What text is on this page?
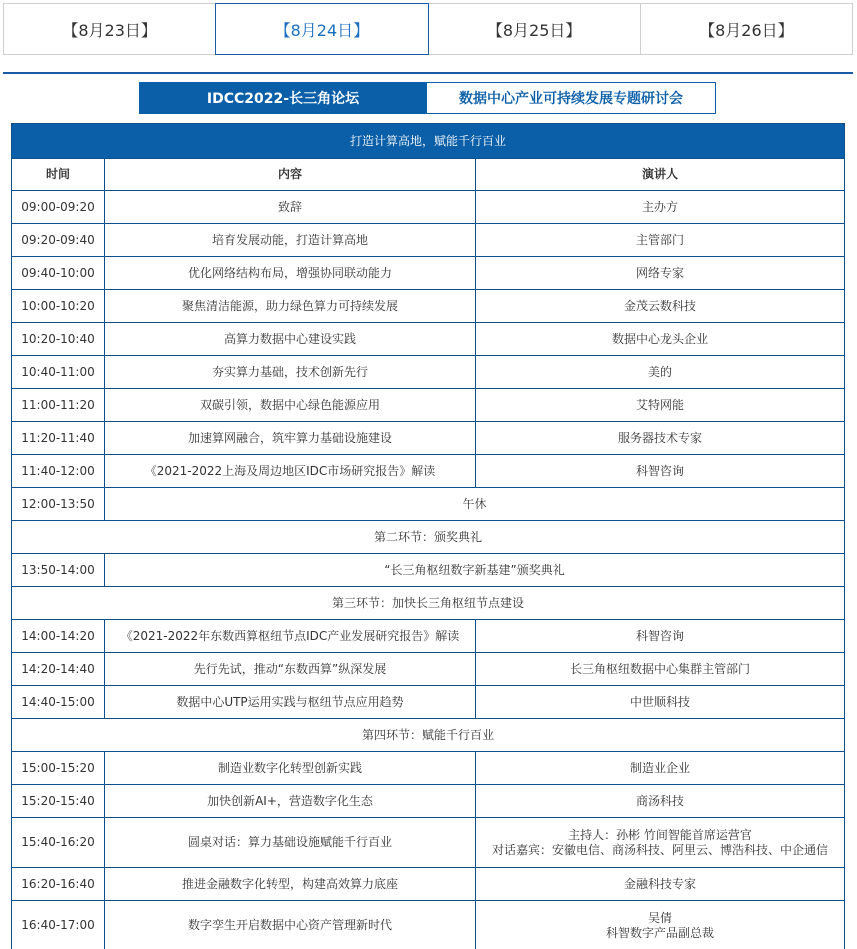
【8月23日】	【8月24日】	【8月25日】	【8月26日】
IDCC2022-长三角论坛	数据中心产业可持续发展专题研讨会
打造计算高地，赋能千行百业		
时间	内容	演讲人
09:00-09:20	致辞	主办方
09:20-09:40	培育发展动能，打造计算高地	主管部门
09:40-10:00	优化网络结构布局，增强协同联动能力	网络专家
10:00-10:20	聚焦清洁能源，助力绿色算力可持续发展	金茂云数科技
10:20-10:40	高算力数据中心建设实践	数据中心龙头企业
10:40-11:00	夯实算力基础，技术创新先行	美的
11:00-11:20	双碳引领，数据中心绿色能源应用	艾特网能
11:20-11:40	加速算网融合，筑牢算力基础设施建设	服务器技术专家
11:40-12:00	《2021-2022上海及周边地区IDC市场研究报告》解读	科智咨询
12:00-13:50	午休	
第二环节：颁奖典礼		
13:50-14:00	“长三角枢纽数字新基建”颁奖典礼	
第三环节：加快长三角枢纽节点建设		
14:00-14:20	《2021-2022年东数西算枢纽节点IDC产业发展研究报告》解读	科智咨询
14:20-14:40	先行先试，推动“东数西算”纵深发展	长三角枢纽数据中心集群主管部门
14:40-15:00	数据中心UTP运用实践与枢纽节点应用趋势	中世顺科技
第四环节：赋能千行百业		
15:00-15:20	制造业数字化转型创新实践	制造业企业
15:20-15:40	加快创新AI+，营造数字化生态	商汤科技
15:40-16:20	圆桌对话：算力基础设施赋能千行百业	主持人：孙彬 竹间智能首席运营官
对话嘉宾：安徽电信、商汤科技、阿里云、博浩科技、中企通信

16:20-16:40	推进金融数字化转型，构建高效算力底座	金融科技专家
16:40-17:00	数字孪生开启数据中心资产管理新时代	吴倩
科智数字产品副总裁
